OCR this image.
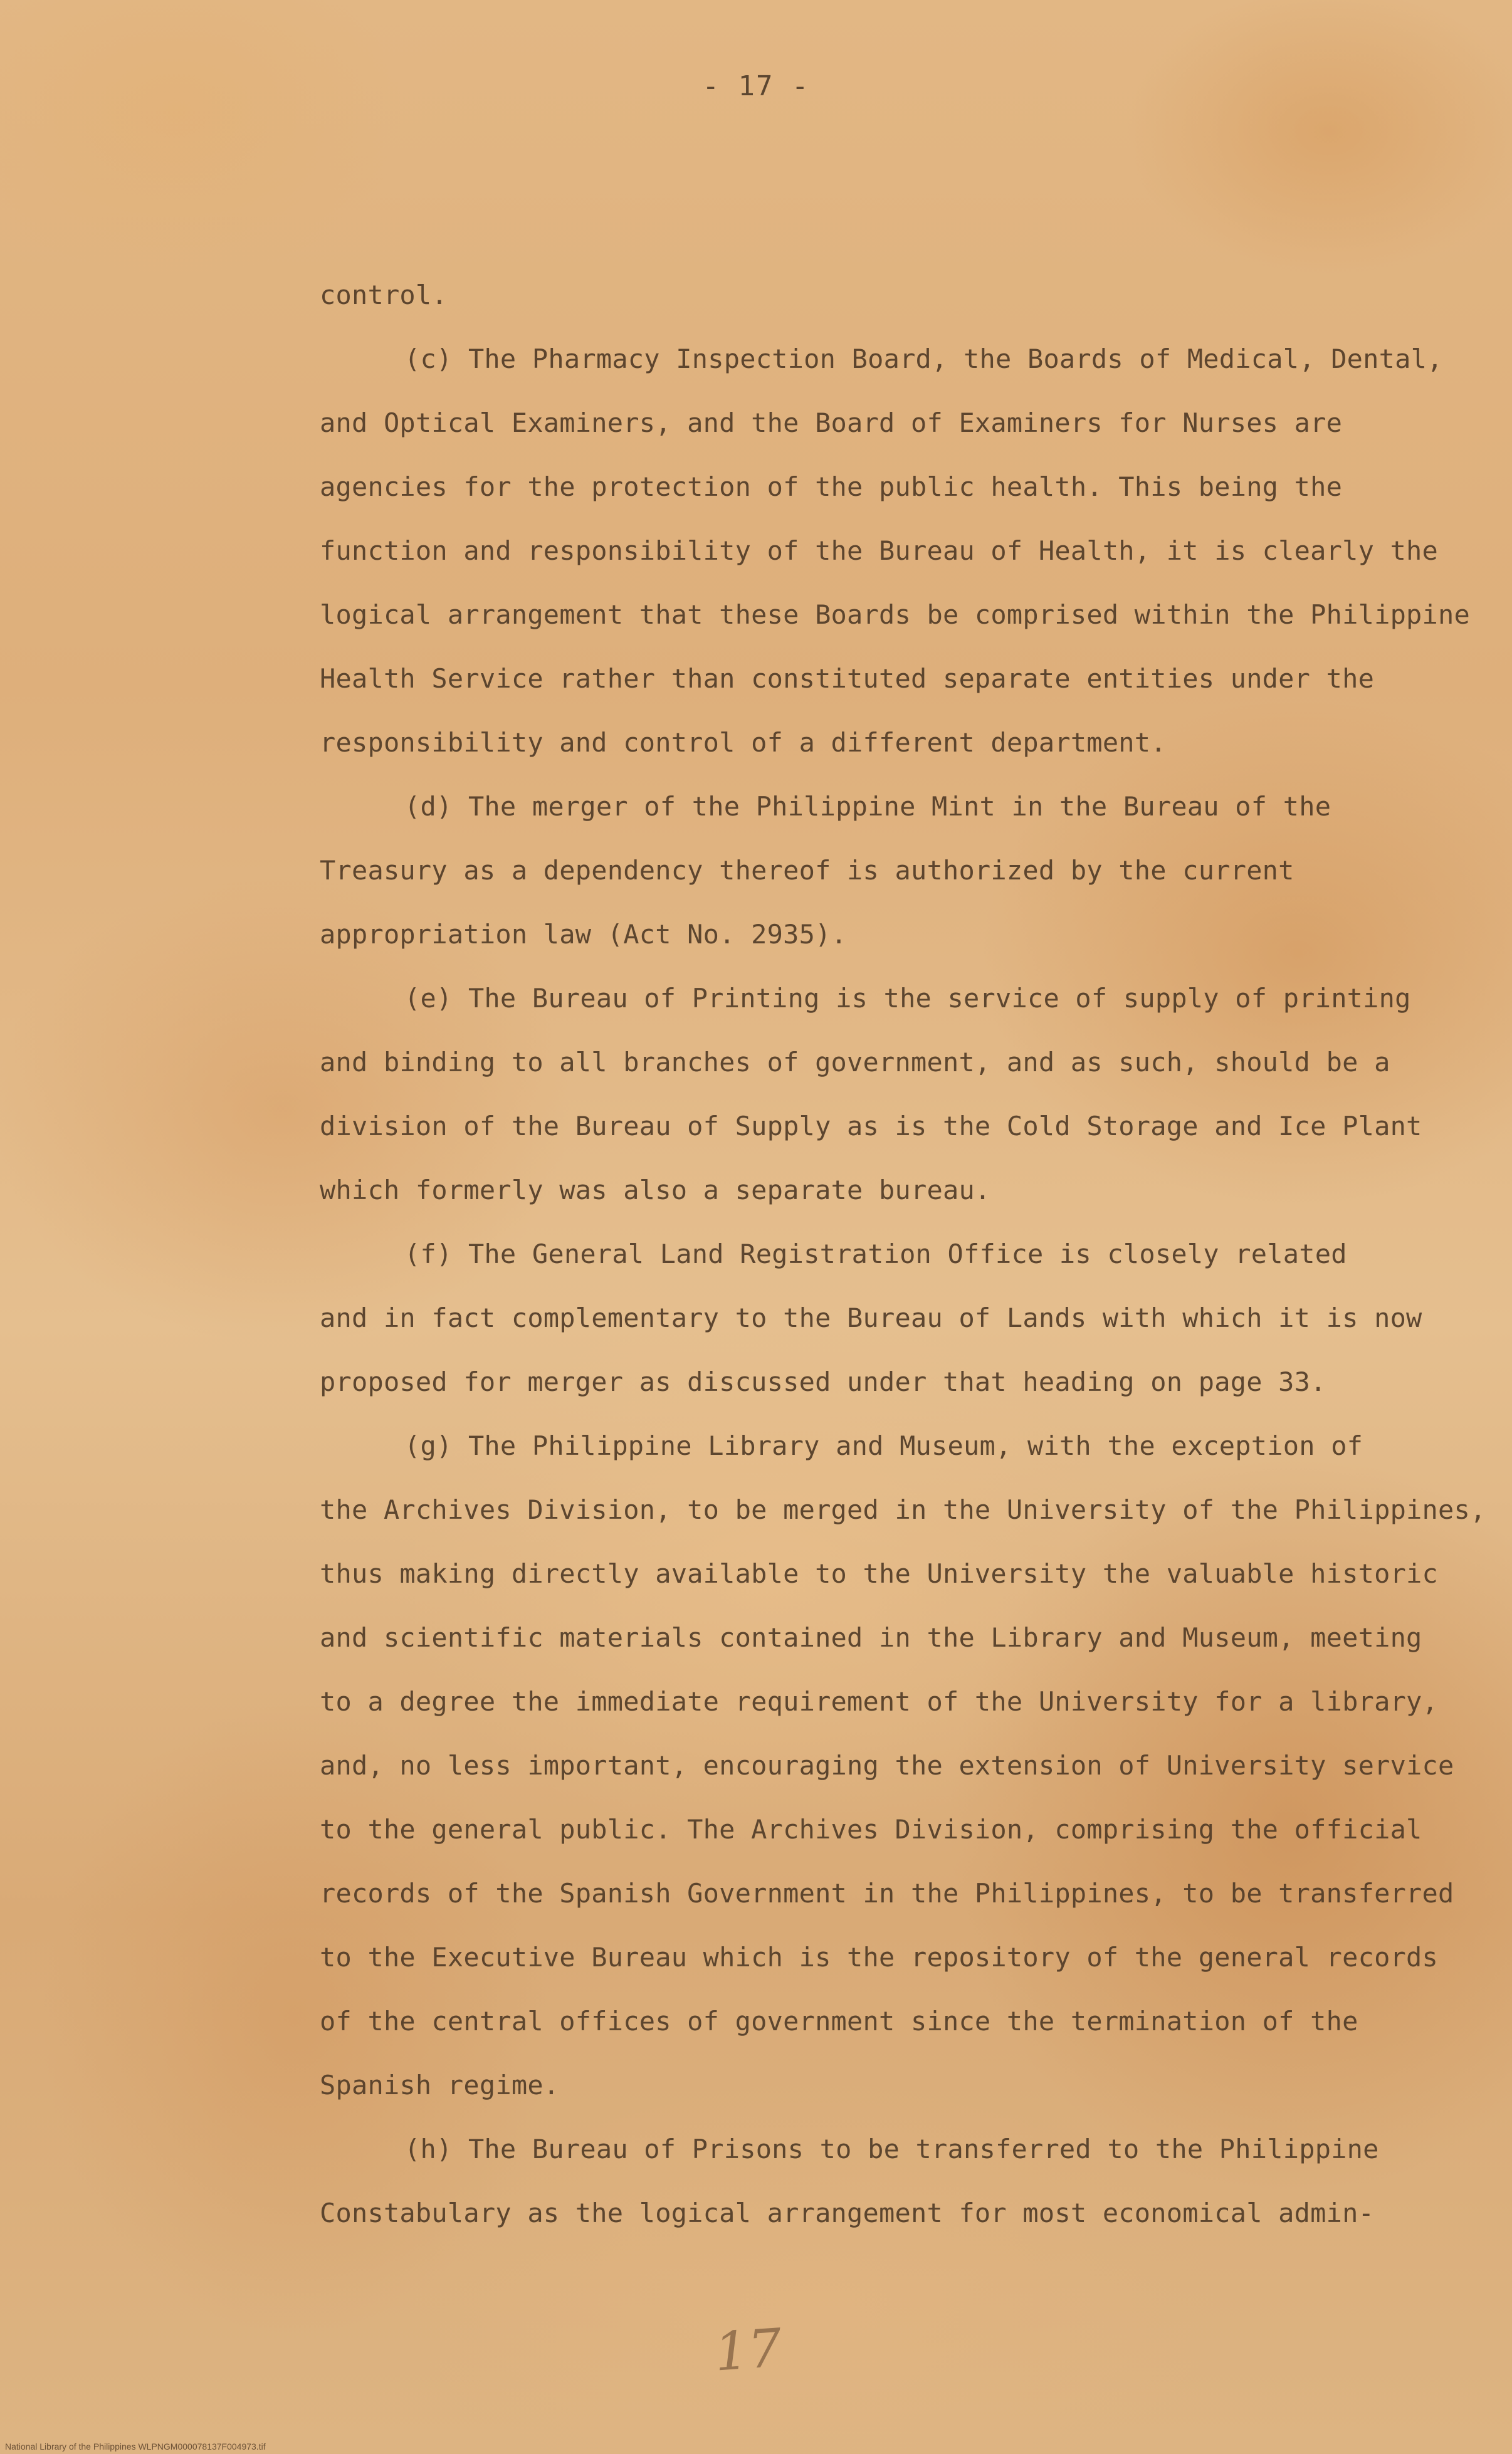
- 17 -
control.
(c) The Pharmacy Inspection Board, the Boards of Medical, Dental,
and Optical Examiners, and the Board of Examiners for Nurses are
agencies for the protection of the public health. This being the
function and responsibility of the Bureau of Health, it is clearly the
logical arrangement that these Boards be comprised within the Philippine
Health Service rather than constituted separate entities under the
responsibility and control of a different department.
(d) The merger of the Philippine Mint in the Bureau of the
Treasury as a dependency thereof is authorized by the current
appropriation law (Act No. 2935).
(e) The Bureau of Printing is the service of supply of printing
and binding to all branches of government, and as such, should be a
division of the Bureau of Supply as is the Cold Storage and Ice Plant
which formerly was also a separate bureau.
(f) The General Land Registration Office is closely related
and in fact complementary to the Bureau of Lands with which it is now
proposed for merger as discussed under that heading on page 33.
(g) The Philippine Library and Museum, with the exception of
the Archives Division, to be merged in the University of the Philippines,
thus making directly available to the University the valuable historic
and scientific materials contained in the Library and Museum, meeting
to a degree the immediate requirement of the University for a library,
and, no less important, encouraging the extension of University service
to the general public. The Archives Division, comprising the official
records of the Spanish Government in the Philippines, to be transferred
to the Executive Bureau which is the repository of the general records
of the central offices of government since the termination of the
Spanish regime.
(h) The Bureau of Prisons to be transferred to the Philippine
Constabulary as the logical arrangement for most economical admin-
17
National Library of the Philippines WLPNGM000078137F004973.tif
